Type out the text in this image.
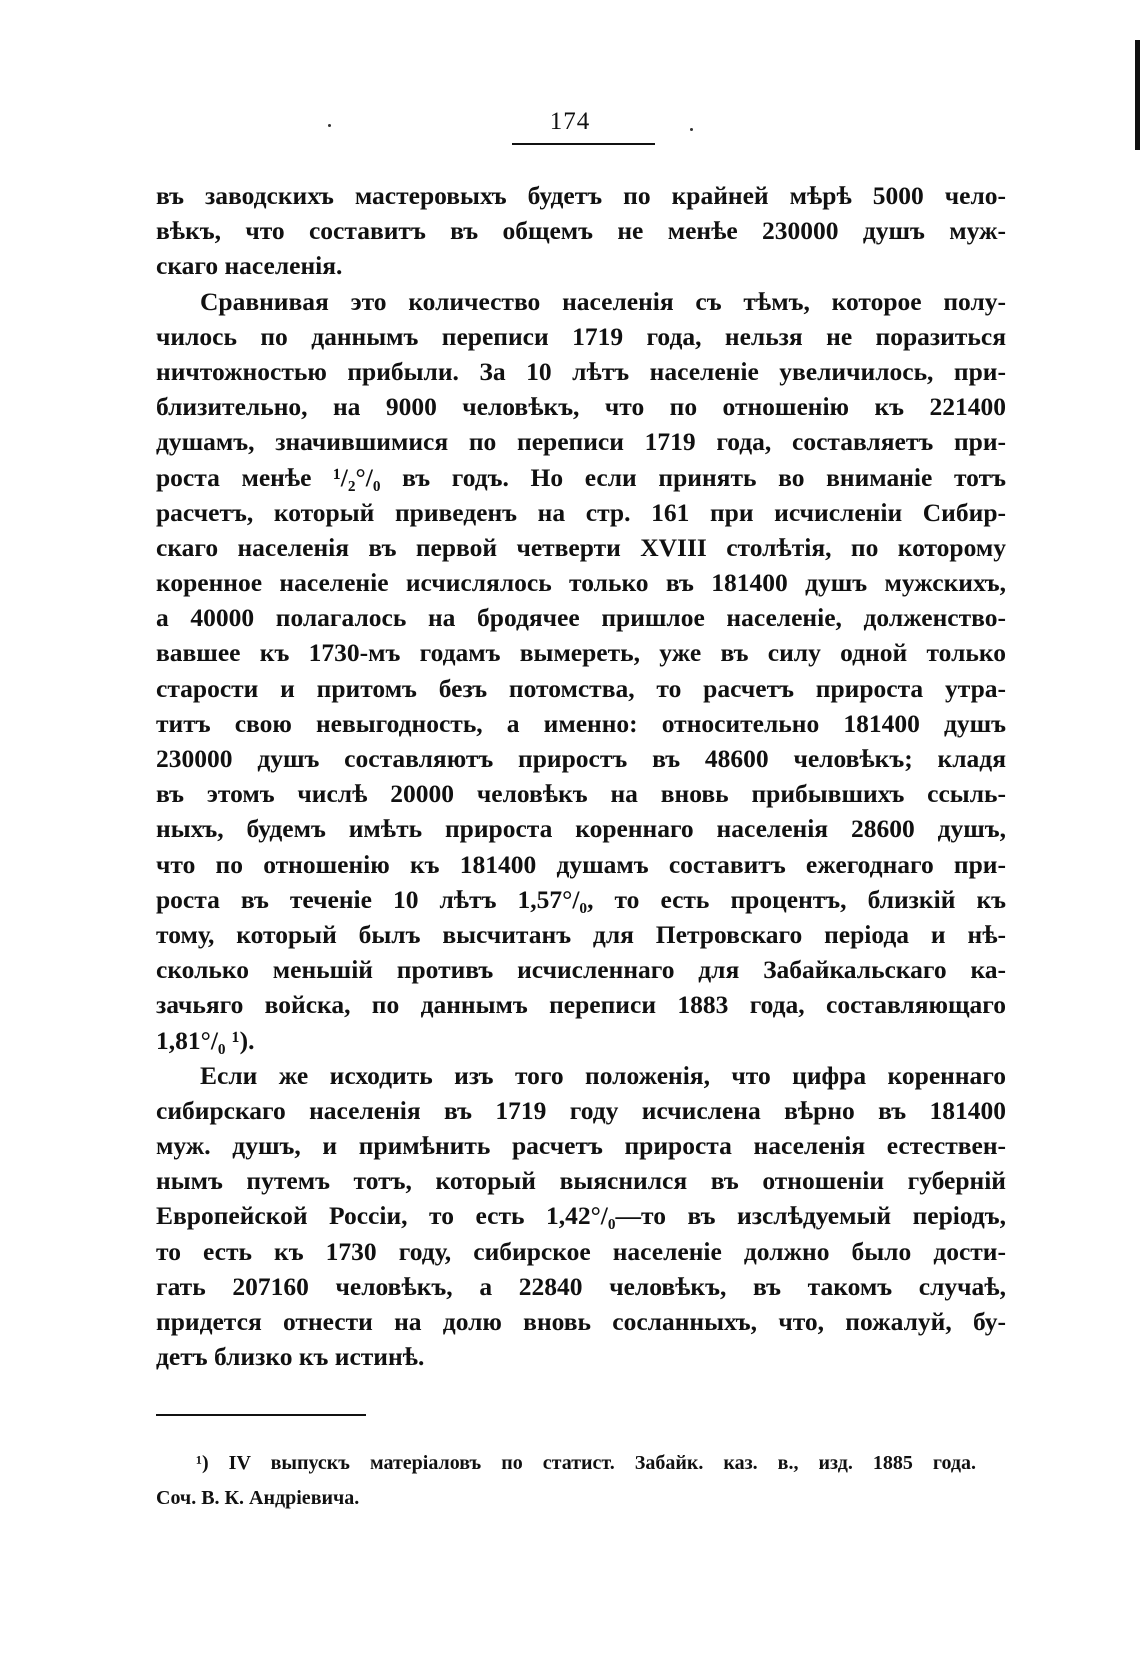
174
въ заводскихъ мастеровыхъ будетъ по крайней мѣрѣ 5000 чело-
вѣкъ, что составитъ въ общемъ не менѣе 230000 душъ муж-
скаго населенія.
Сравнивая это количество населенія съ тѣмъ, которое полу-
чилось по даннымъ переписи 1719 года, нельзя не поразиться
ничтожностью прибыли. За 10 лѣтъ населеніе увеличилось, при-
близительно, на 9000 человѣкъ, что по отношенію къ 221400
душамъ, значившимися по переписи 1719 года, составляетъ при-
роста менѣе ¹/₂°/₀ въ годъ. Но если принять во вниманіе тотъ
расчетъ, который приведенъ на стр. 161 при исчисленіи Сибир-
скаго населенія въ первой четверти XVIII столѣтія, по которому
коренное населеніе исчислялось только въ 181400 душъ мужскихъ,
а 40000 полагалось на бродячее пришлое населеніе, долженство-
вавшее къ 1730-мъ годамъ вымереть, уже въ силу одной только
старости и притомъ безъ потомства, то расчетъ прироста утра-
титъ свою невыгодность, а именно: относительно 181400 душъ
230000 душъ составляютъ приростъ въ 48600 человѣкъ; кладя
въ этомъ числѣ 20000 человѣкъ на вновь прибывшихъ ссыль-
ныхъ, будемъ имѣть прироста кореннаго населенія 28600 душъ,
что по отношенію къ 181400 душамъ составитъ ежегоднаго при-
роста въ теченіе 10 лѣтъ 1,57°/₀, то есть процентъ, близкій къ
тому, который былъ высчитанъ для Петровскаго періода и нѣ-
сколько меньшій противъ исчисленнаго для Забайкальскаго ка-
зачьяго войска, по даннымъ переписи 1883 года, составляющаго
1,81°/₀ ¹).
Если же исходить изъ того положенія, что цифра кореннаго
сибирскаго населенія въ 1719 году исчислена вѣрно въ 181400
муж. душъ, и примѣнить расчетъ прироста населенія естествен-
нымъ путемъ тотъ, который выяснился въ отношеніи губерній
Европейской Россіи, то есть 1,42°/₀—то въ изслѣдуемый періодъ,
то есть къ 1730 году, сибирское населеніе должно было дости-
гать 207160 человѣкъ, а 22840 человѣкъ, въ такомъ случаѣ,
придется отнести на долю вновь сосланныхъ, что, пожалуй, бу-
детъ близко къ истинѣ.
¹) IV выпускъ матеріаловъ по статист. Забайк. каз. в., изд. 1885 года.
Соч. В. К. Андріевича.
